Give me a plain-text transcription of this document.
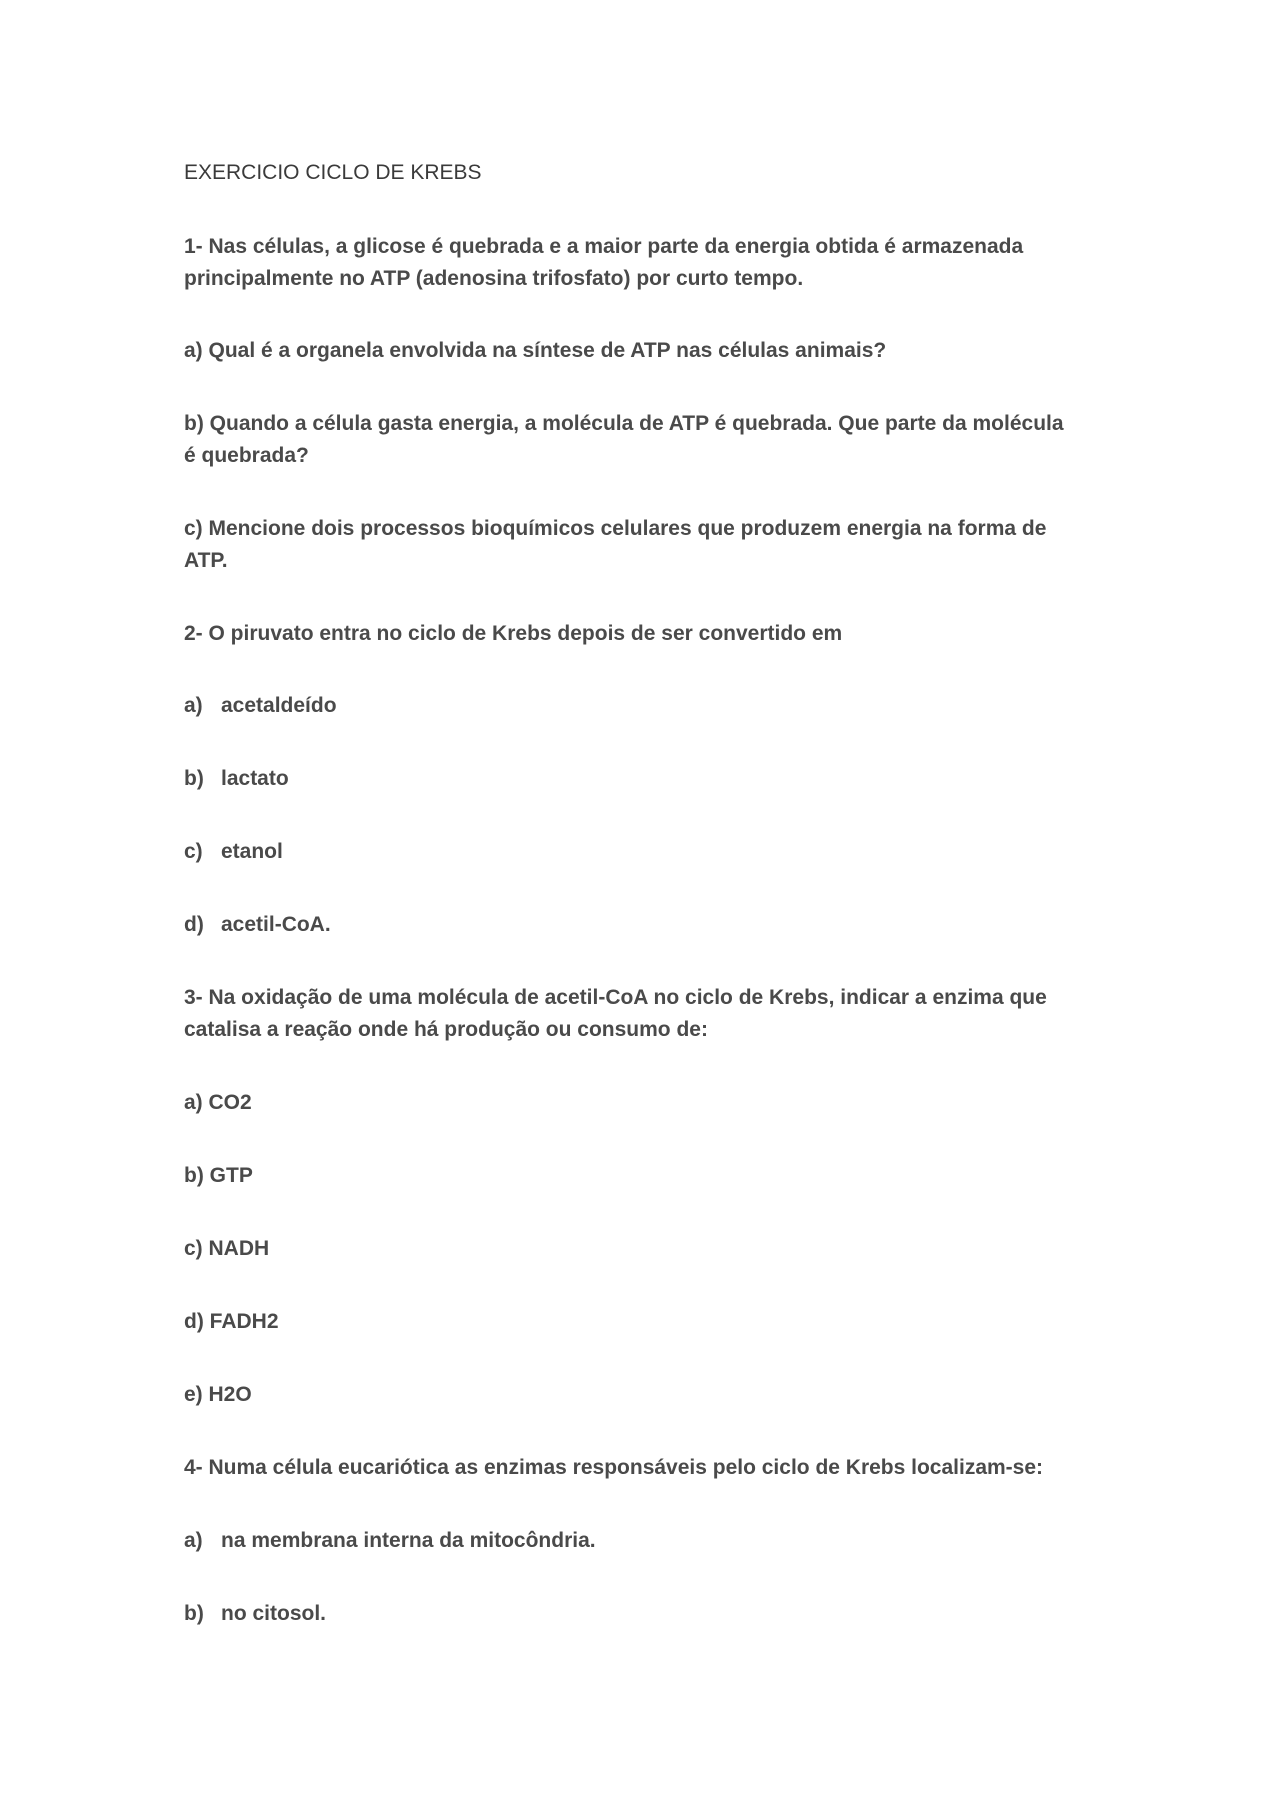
EXERCICIO CICLO DE KREBS

1- Nas células, a glicose é quebrada e a maior parte da energia obtida é armazenada

principalmente no ATP (adenosina trifosfato) por curto tempo.

a) Qual é a organela envolvida na síntese de ATP nas células animais?

b) Quando a célula gasta energia, a molécula de ATP é quebrada. Que parte da molécula

é quebrada?

c) Mencione dois processos bioquímicos celulares que produzem energia na forma de

ATP.

2- O piruvato entra no ciclo de Krebs depois de ser convertido em

a) acetaldeído

b) lactato

c) etanol

d) acetil-CoA.

3- Na oxidação de uma molécula de acetil-CoA no ciclo de Krebs, indicar a enzima que

catalisa a reação onde há produção ou consumo de:

a) CO2

b) GTP

c) NADH

d) FADH2

e) H2O

4- Numa célula eucariótica as enzimas responsáveis pelo ciclo de Krebs localizam-se:

a) na membrana interna da mitocôndria.

b) no citosol.
